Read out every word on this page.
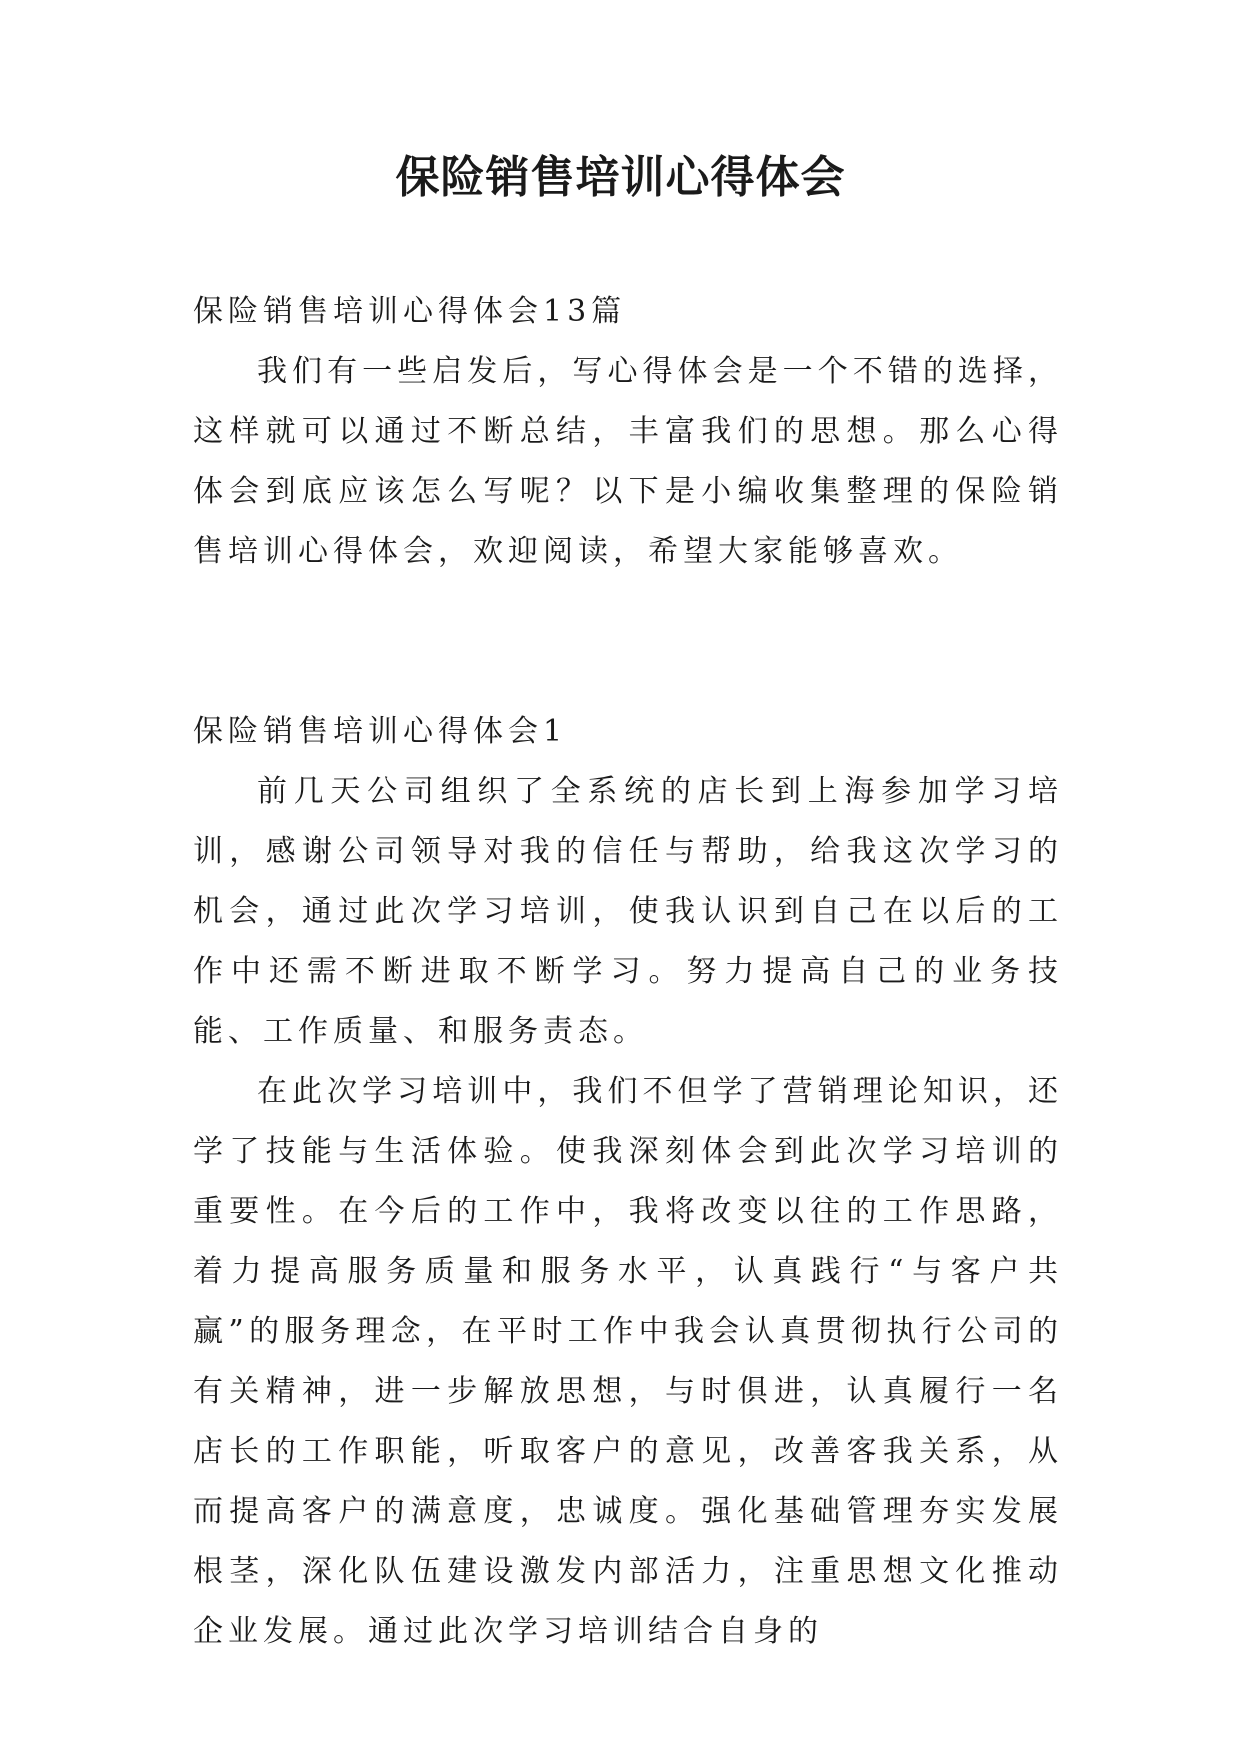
保险销售培训心得体会

保险销售培训心得体会13篇

我们有一些启发后，写心得体会是一个不错的选择，这样就可以通过不断总结，丰富我们的思想。那么心得体会到底应该怎么写呢？以下是小编收集整理的保险销售培训心得体会，欢迎阅读，希望大家能够喜欢。

保险销售培训心得体会1

前几天公司组织了全系统的店长到上海参加学习培训，感谢公司领导对我的信任与帮助，给我这次学习的机会，通过此次学习培训，使我认识到自己在以后的工作中还需不断进取不断学习。努力提高自己的业务技能、工作质量、和服务责态。

在此次学习培训中，我们不但学了营销理论知识，还学了技能与生活体验。使我深刻体会到此次学习培训的重要性。在今后的工作中，我将改变以往的工作思路，着力提高服务质量和服务水平，认真践行“与客户共赢”的服务理念，在平时工作中我会认真贯彻执行公司的有关精神，进一步解放思想，与时俱进，认真履行一名店长的工作职能，听取客户的意见，改善客我关系，从而提高客户的满意度，忠诚度。强化基础管理夯实发展根茎，深化队伍建设激发内部活力，注重思想文化推动企业发展。通过此次学习培训结合自身的
